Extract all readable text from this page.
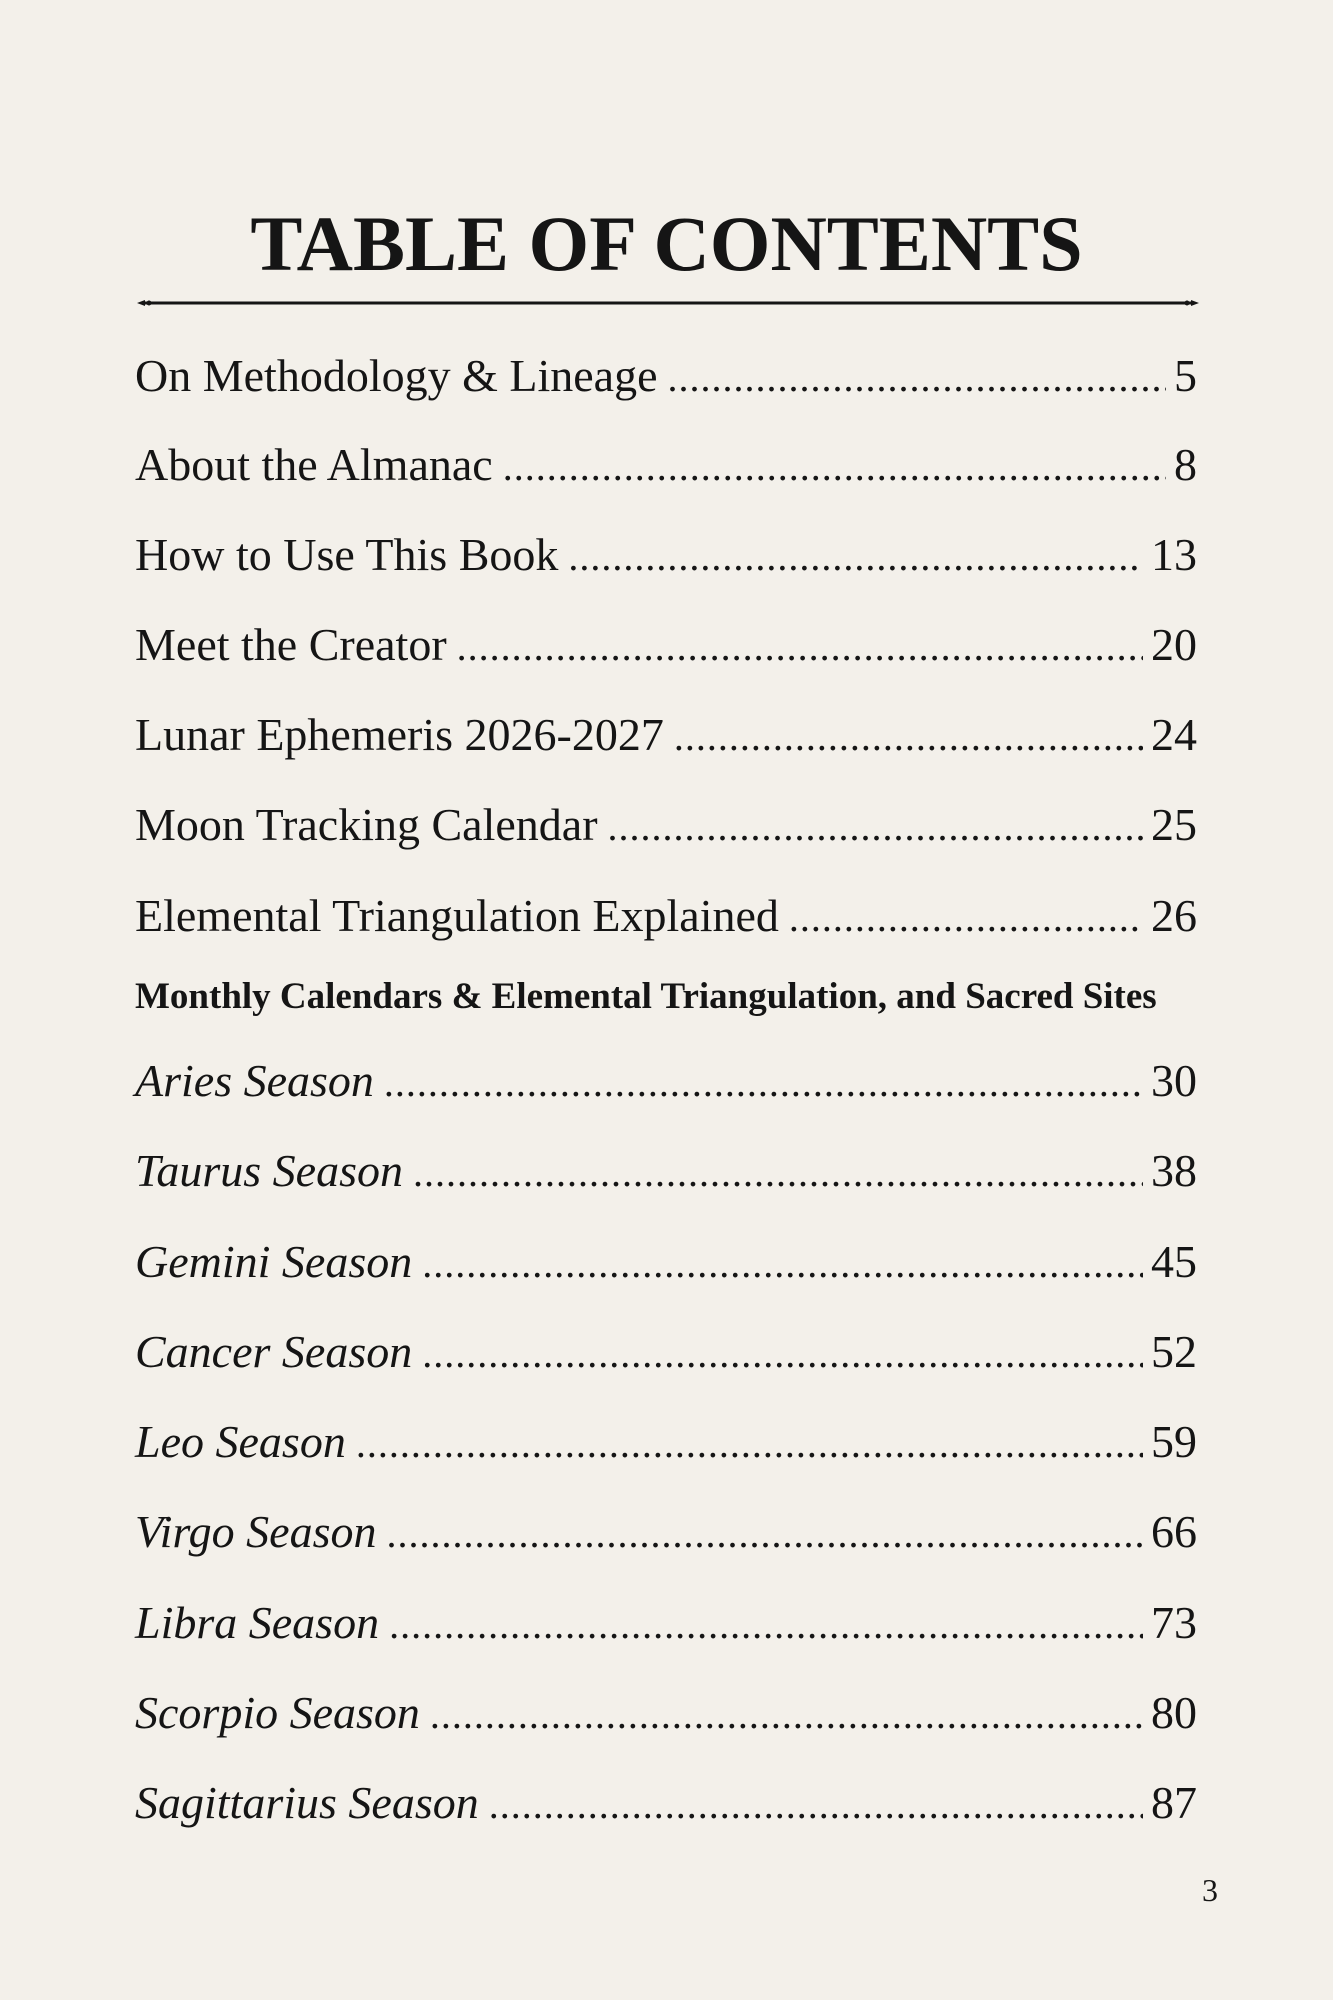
TABLE OF CONTENTS
On Methodology & Lineage .....	5
About the Almanac .....	8
How to Use This Book .....	13
Meet the Creator .....	20
Lunar Ephemeris 2026-2027 .....	24
Moon Tracking Calendar .....	25
Elemental Triangulation Explained .....	26
Monthly Calendars & Elemental Triangulation, and Sacred Sites
Aries Season .....	30
Taurus Season .....	38
Gemini Season .....	45
Cancer Season .....	52
Leo Season .....	59
Virgo Season .....	66
Libra Season .....	73
Scorpio Season .....	80
Sagittarius Season .....	87
3
